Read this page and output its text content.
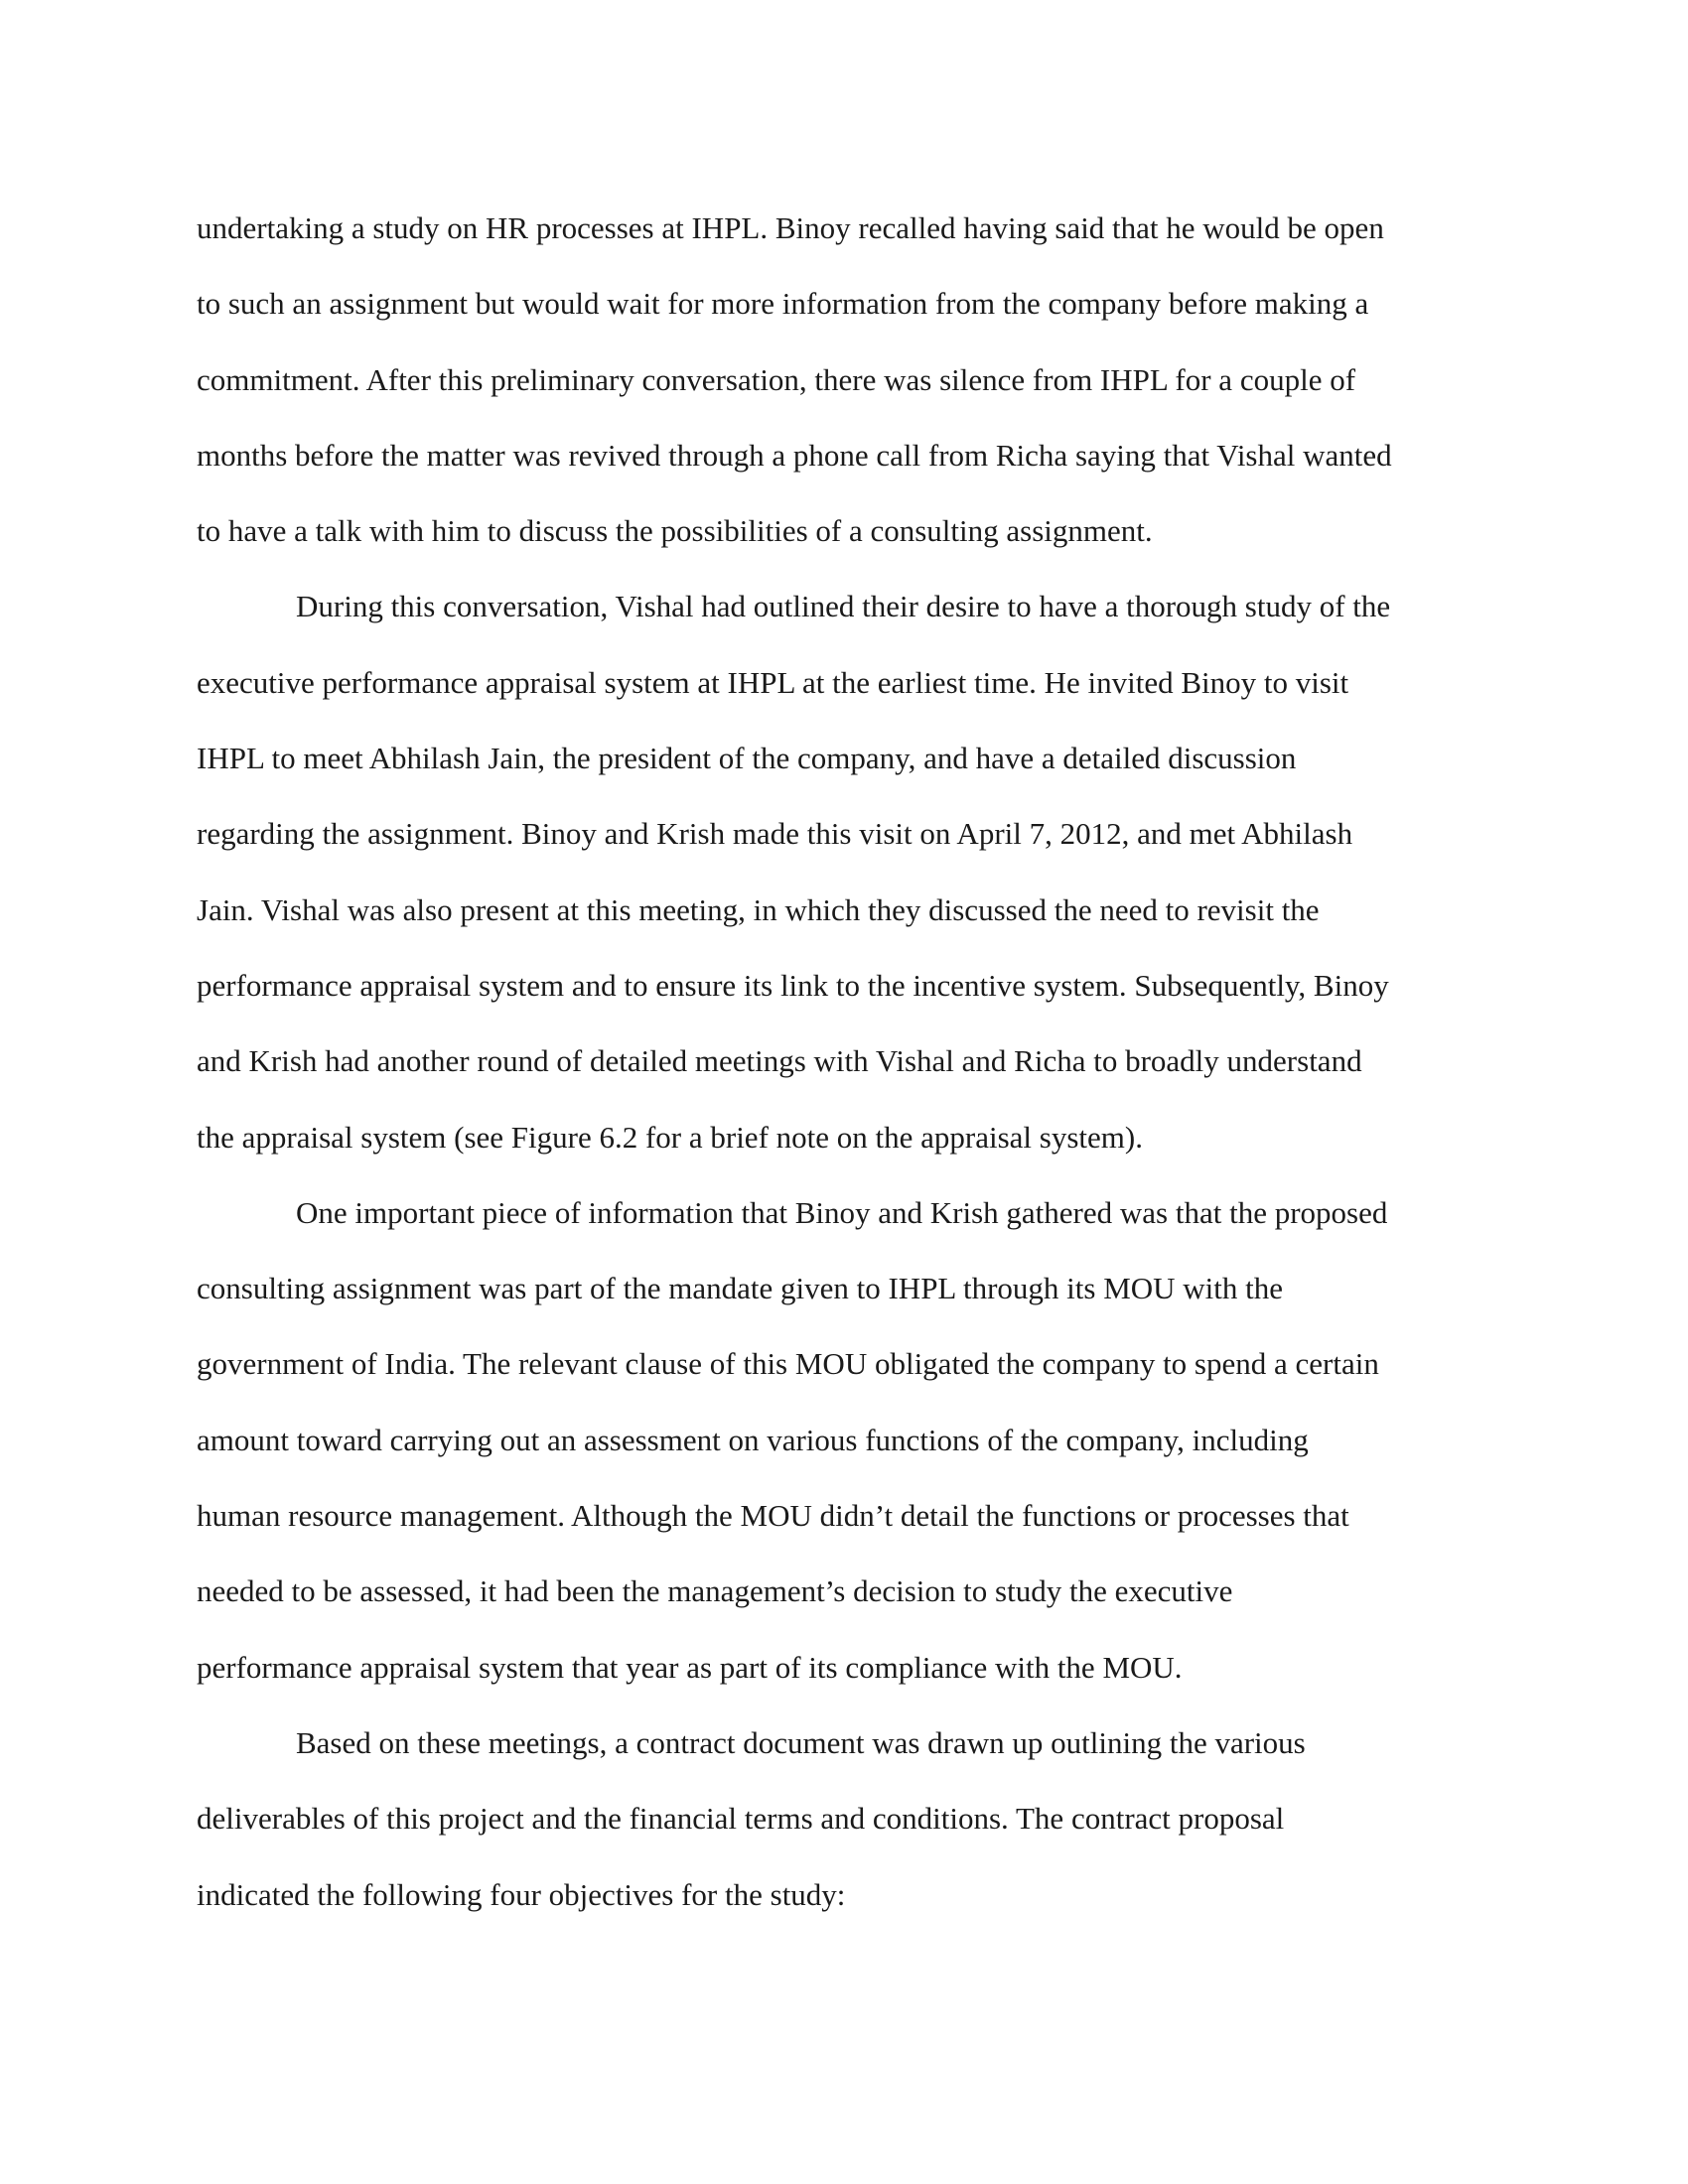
undertaking a study on HR processes at IHPL. Binoy recalled having said that he would be open
to such an assignment but would wait for more information from the company before making a
commitment. After this preliminary conversation, there was silence from IHPL for a couple of
months before the matter was revived through a phone call from Richa saying that Vishal wanted
to have a talk with him to discuss the possibilities of a consulting assignment.
During this conversation, Vishal had outlined their desire to have a thorough study of the
executive performance appraisal system at IHPL at the earliest time. He invited Binoy to visit
IHPL to meet Abhilash Jain, the president of the company, and have a detailed discussion
regarding the assignment. Binoy and Krish made this visit on April 7, 2012, and met Abhilash
Jain. Vishal was also present at this meeting, in which they discussed the need to revisit the
performance appraisal system and to ensure its link to the incentive system. Subsequently, Binoy
and Krish had another round of detailed meetings with Vishal and Richa to broadly understand
the appraisal system (see Figure 6.2 for a brief note on the appraisal system).
One important piece of information that Binoy and Krish gathered was that the proposed
consulting assignment was part of the mandate given to IHPL through its MOU with the
government of India. The relevant clause of this MOU obligated the company to spend a certain
amount toward carrying out an assessment on various functions of the company, including
human resource management. Although the MOU didn’t detail the functions or processes that
needed to be assessed, it had been the management’s decision to study the executive
performance appraisal system that year as part of its compliance with the MOU.
Based on these meetings, a contract document was drawn up outlining the various
deliverables of this project and the financial terms and conditions. The contract proposal
indicated the following four objectives for the study:
